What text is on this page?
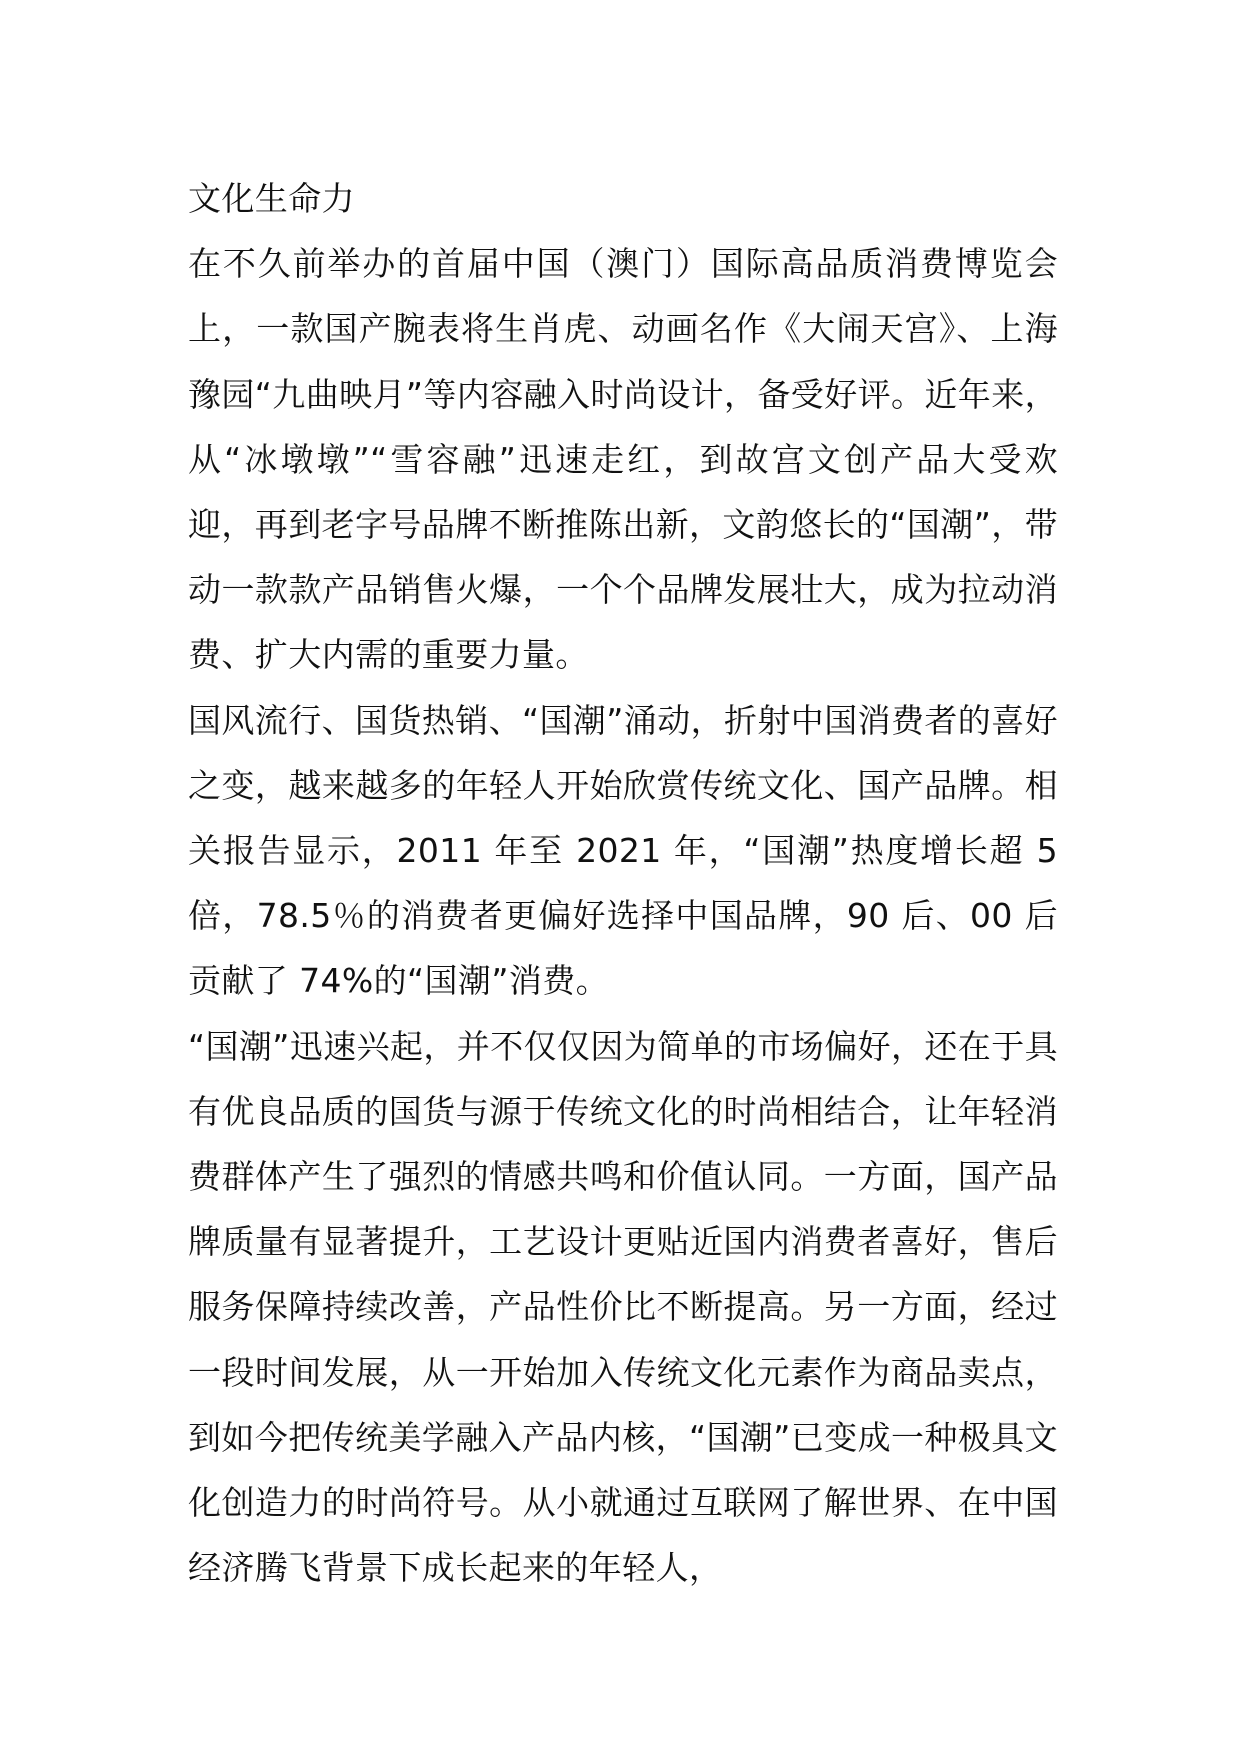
文化生命力

在不久前举办的首届中国（澳门）国际高品质消费博览会上，一款国产腕表将生肖虎、动画名作《大闹天宫》、上海豫园“九曲映月”等内容融入时尚设计，备受好评。近年来，从“冰墩墩”“雪容融”迅速走红，到故宫文创产品大受欢迎，再到老字号品牌不断推陈出新，文韵悠长的“国潮”，带动一款款产品销售火爆，一个个品牌发展壮大，成为拉动消费、扩大内需的重要力量。

国风流行、国货热销、“国潮”涌动，折射中国消费者的喜好之变，越来越多的年轻人开始欣赏传统文化、国产品牌。相关报告显示，2011 年至 2021 年，“国潮”热度增长超 5 倍，78.5％的消费者更偏好选择中国品牌，90 后、00 后贡献了 74%的“国潮”消费。

“国潮”迅速兴起，并不仅仅因为简单的市场偏好，还在于具有优良品质的国货与源于传统文化的时尚相结合，让年轻消费群体产生了强烈的情感共鸣和价值认同。一方面，国产品牌质量有显著提升，工艺设计更贴近国内消费者喜好，售后服务保障持续改善，产品性价比不断提高。另一方面，经过一段时间发展，从一开始加入传统文化元素作为商品卖点，到如今把传统美学融入产品内核，“国潮”已变成一种极具文化创造力的时尚符号。从小就通过互联网了解世界、在中国经济腾飞背景下成长起来的年轻人，
